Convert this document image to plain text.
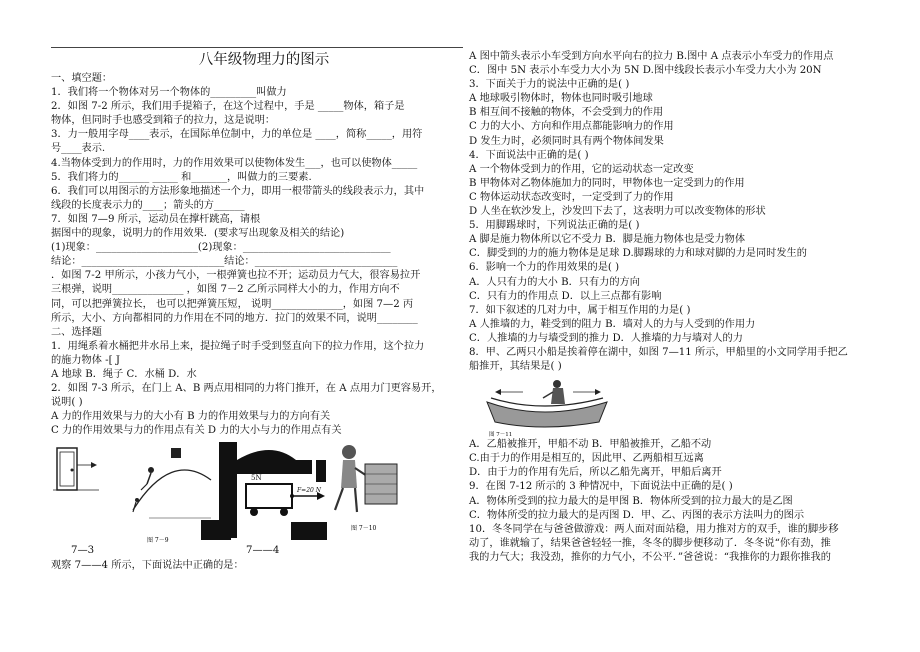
八年级物理力的图示
一、填空题：
1．我们将一个物体对另一个物体的_________叫做力
2．如图 7-2 所示，我们用手提箱子，在这个过程中，手是 _____物体，箱子是
物体，但同时手也感受到箱子的拉力，这是说明：
3．力一般用字母____表示，在国际单位制中，力的单位是 ____，简称_____，用符
号____表示.
4.当物体受到力的作用时，力的作用效果可以使物体发生___，也可以使物体_____
5．我们将力的______ _____ 和_______，叫做力的三要素.
6．我们可以用图示的方法形象地描述一个力，即用一根带箭头的线段表示力，其中
线段的长度表示力的____；箭头的方______
7．如图 7—9 所示，运动员在撑杆跳高，请根
据图中的现象，说明力的作用效果．(要求写出现象及相关的结论)
(1)现象：____________________(2)现象：_____________________________
结论：____________________________结论：____________________________
．如图 7-2 甲所示，小孩力气小，一根弹簧也拉不开；运动员力气大，很容易拉开
三根弹，说明______________ ，如图 7－2 乙所示同样大小的力，作用方向不
同，可以把弹簧拉长， 也可以把弹簧压短， 说明______________，如图 7—2 丙
所示，大小、方向都相同的力作用在不同的地方．拉门的效果不同，说明________
二、选择题
1．用绳系着水桶把井水吊上来，提拉绳子时手受到竖直向下的拉力作用，这个拉力
的施力物体 -[ J
A 地球 B．绳子 C．水桶 D．水
2．如图 7-3 所示，在门上 A、B 两点用相同的力将门推开，在 A 点用力门更容易开，
说明( )
A 力的作用效果与力的大小有 B 力的作用效果与力的方向有关
C 力的作用效果与力的作用点有关 D 力的大小与力的作用点有关
图 7－9
5N
F=20 N
图 7－10
7—3	7——4
观察 7——4 所示，下面说法中正确的是：
A 图中箭头表示小车受到方向水平向右的拉力 B.图中 A 点表示小车受力的作用点
C．图中 5N 表示小车受力大小为 5N D.图中线段长表示小车受力大小为 20N
3．下面关于力的说法中正确的是( )
A 地球吸引物体时，物体也同时吸引地球
B 相互间不接触的物体，不会受到力的作用
C 力的大小、方向和作用点都能影响力的作用
D 发生力时，必须同时具有两个物体间发果
4．下面说法中正确的是( )
A 一个物体受到力的作用，它的运动状态一定改变
B 甲物体对乙物体施加力的同时，甲物体也一定受到力的作用
C 物体运动状态改变时，一定受到了力的作用
D 人坐在软沙发上，沙发凹下去了，这表明力可以改变物体的形状
5．用脚踢球时，下列说法正确的是( )
A 脚是施力物体所以它不受力 B．脚是施力物体也是受力物体
C．脚受到的力的施力物体是足球 D.脚踢球的力和球对脚的力是同时发生的
6．影响一个力的作用效果的是( )
A．人只有力的大小 B．只有力的方向
C．只有力的作用点 D．以上三点都有影响
7．如下叙述的几对力中，属于相互作用的力是( )
A 人推墙的力，鞋受到的阻力 B．墙对人的力与人受到的作用力
C．人推墙的力与墙受到的推力 D．人推墙的力与墙对人的力
8．甲、乙两只小船是挨着停在湖中，如图 7—11 所示，甲船里的小文同学用手把乙
船推开，其结果是( )
图 7－11
A．乙船被推开，甲船不动 B．甲船被推开，乙船不动
C.由于力的作用是相互的，因此甲、乙两船相互远离
D．由于力的作用有先后，所以乙船先离开，甲船后离开
9．在图 7-12 所示的 3 种情况中，下面说法中正确的是( )
A．物体所受到的拉力最大的是甲图 B．物体所受到的拉力最大的是乙图
C．物体所受的拉力最大的是丙图 D．甲、乙、丙图的表示方法叫力的图示
10．冬冬同学在与爸爸做游戏：两人面对面站稳，用力推对方的双手，谁的脚步移
动了，谁就输了，结果爸爸轻轻一推，冬冬的脚步便移动了．冬冬说“你有劲，推
我的力气大；我没劲，推你的力气小，不公平．”爸爸说：“我推你的力跟你推我的
